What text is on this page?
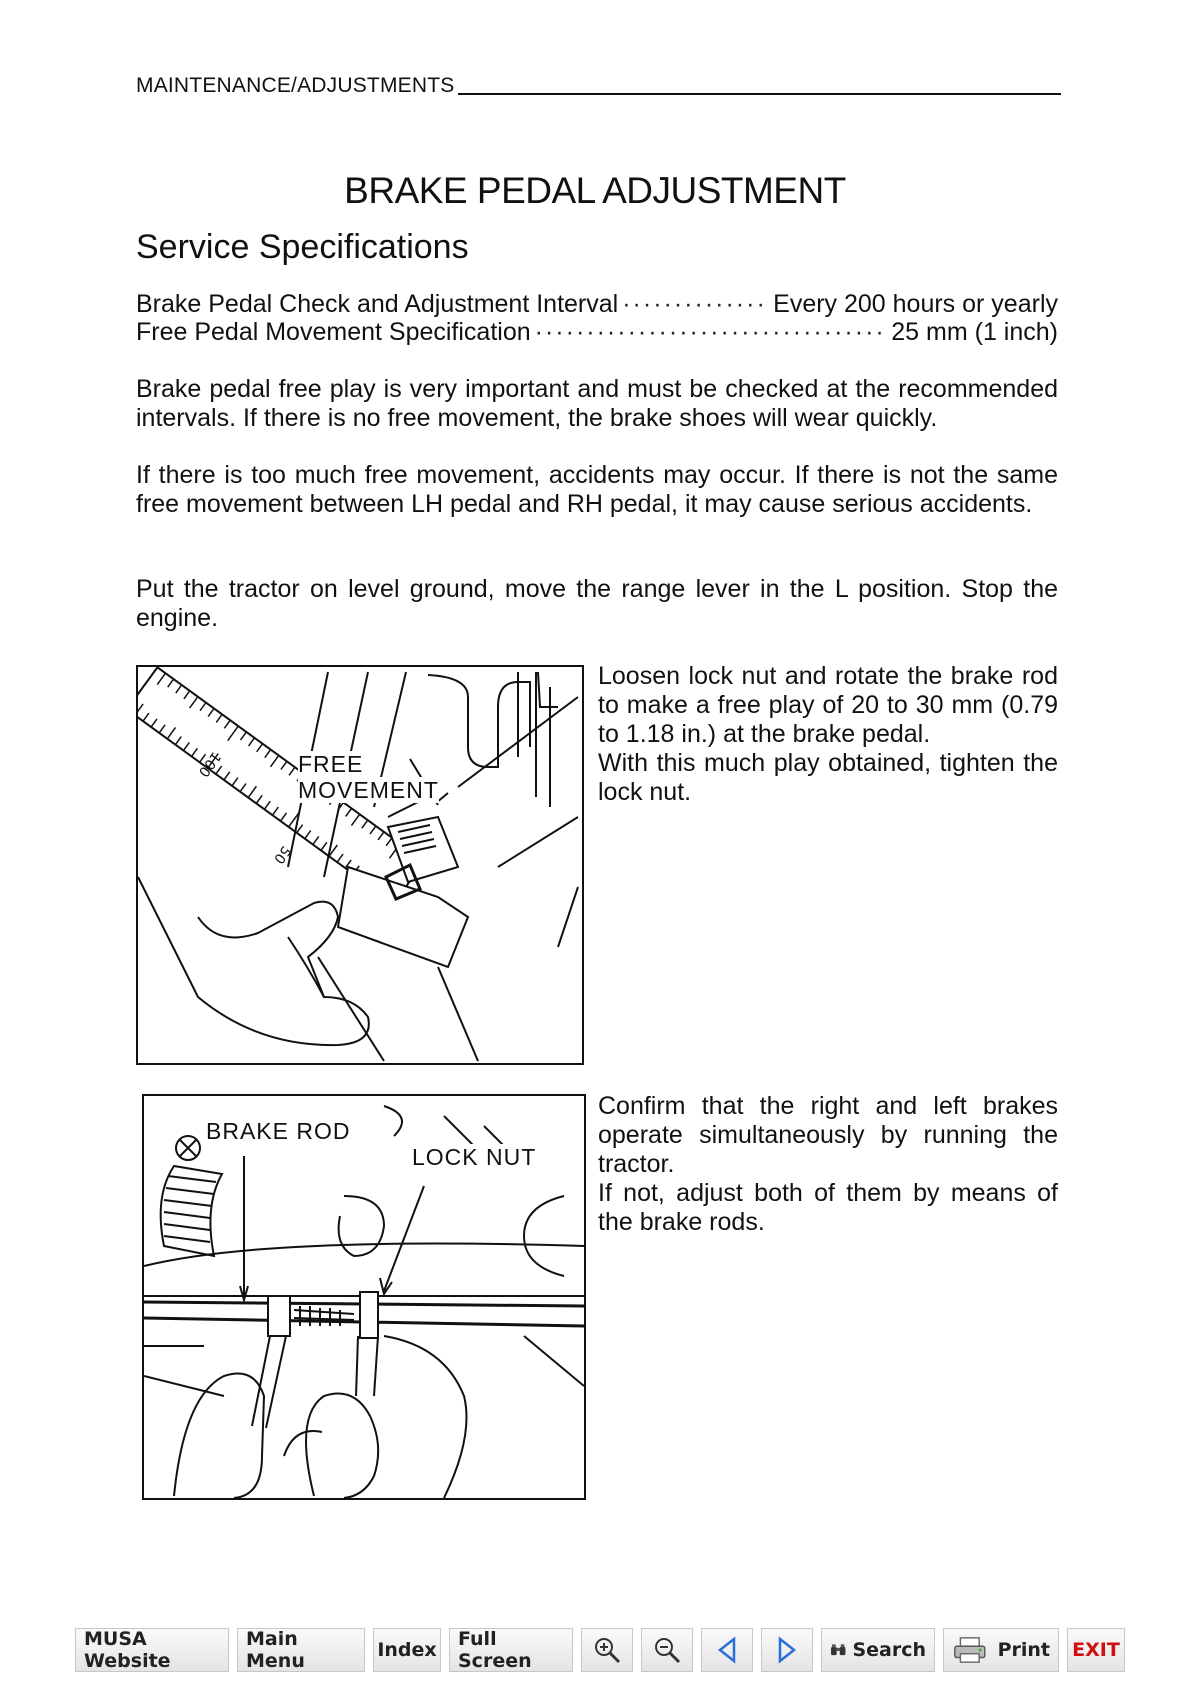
MAINTENANCE/ADJUSTMENTS
BRAKE PEDAL ADJUSTMENT
Service Specifications
Brake Pedal Check and Adjustment Interval ·····	Every 200 hours or yearly
Free Pedal Movement Specification ·····	25 mm (1 inch)

Brake pedal free play is very important and must be checked at the recommended intervals. If there is no free movement, the brake shoes will wear quickly.

If there is too much free movement, accidents may occur. If there is not the same free movement between LH pedal and RH pedal, it may cause serious accidents.

Put the tractor on level ground, move the range lever in the L position. Stop the engine.

100
50
FREE
MOVEMENT

Loosen lock nut and rotate the brake rod to make a free play of 20 to 30 mm (0.79 to 1.18 in.) at the brake pedal.
With this much play obtained, tighten the lock nut.

BRAKE ROD
LOCK NUT

Confirm that the right and left brakes operate simultaneously by running the tractor.
If not, adjust both of them by means of the brake rods.

MUSA Website
Main Menu	Index	Full Screen	Search	Print EXIT
